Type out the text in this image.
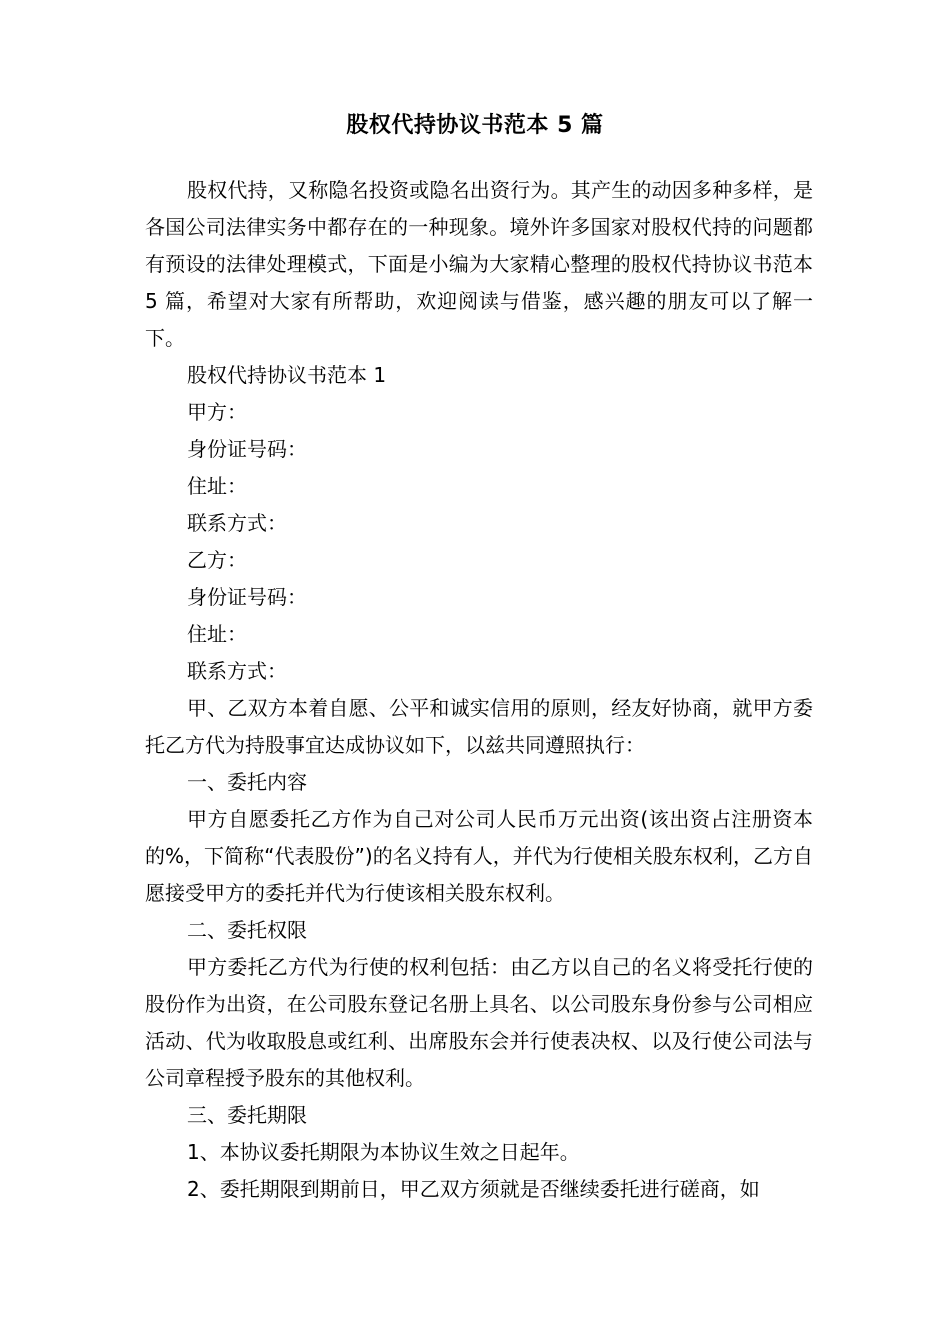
股权代持协议书范本 5 篇

股权代持，又称隐名投资或隐名出资行为。其产生的动因多种多样，是各国公司法律实务中都存在的一种现象。境外许多国家对股权代持的问题都有预设的法律处理模式，下面是小编为大家精心整理的股权代持协议书范本 5 篇，希望对大家有所帮助，欢迎阅读与借鉴，感兴趣的朋友可以了解一下。

股权代持协议书范本 1

甲方：

身份证号码：

住址：

联系方式：

乙方：

身份证号码：

住址：

联系方式：

甲、乙双方本着自愿、公平和诚实信用的原则，经友好协商，就甲方委托乙方代为持股事宜达成协议如下，以兹共同遵照执行：

一、委托内容

甲方自愿委托乙方作为自己对公司人民币万元出资(该出资占注册资本的%，下简称“代表股份”)的名义持有人，并代为行使相关股东权利，乙方自愿接受甲方的委托并代为行使该相关股东权利。

二、委托权限

甲方委托乙方代为行使的权利包括：由乙方以自己的名义将受托行使的股份作为出资，在公司股东登记名册上具名、以公司股东身份参与公司相应活动、代为收取股息或红利、出席股东会并行使表决权、以及行使公司法与公司章程授予股东的其他权利。

三、委托期限

1、本协议委托期限为本协议生效之日起年。

2、委托期限到期前日，甲乙双方须就是否继续委托进行磋商，如
